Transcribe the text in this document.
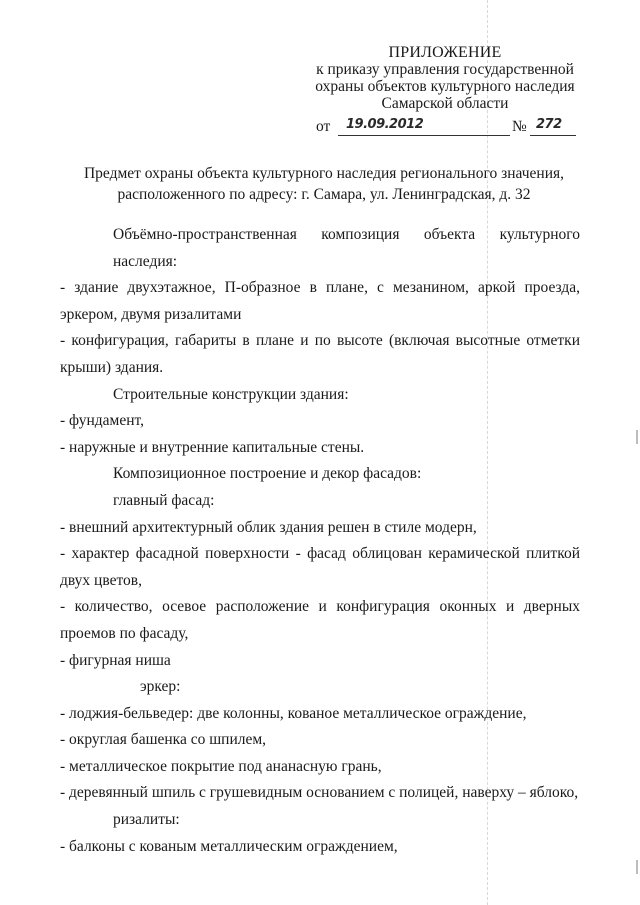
ПРИЛОЖЕНИЕ
к приказу управления государственной
охраны объектов культурного наследия
Самарской области
от 19.09.2012	№ 272
Предмет охраны объекта культурного наследия регионального значения,
расположенного по адресу: г. Самара, ул. Ленинградская, д. 32

Объёмно-пространственная композиция объекта культурного наследия:

- здание двухэтажное, П-образное в плане, с мезанином, аркой проезда, эркером, двумя ризалитами

- конфигурация, габариты в плане и по высоте (включая высотные отметки крыши) здания.

Строительные конструкции здания:

- фундамент,

- наружные и внутренние капитальные стены.

Композиционное построение и декор фасадов:

главный фасад:

- внешний архитектурный облик здания решен в стиле модерн,

- характер фасадной поверхности - фасад облицован керамической плиткой двух цветов,

- количество, осевое расположение и конфигурация оконных и дверных проемов по фасаду,

- фигурная ниша

эркер:

- лоджия-бельведер: две колонны, кованое металлическое ограждение,

- округлая башенка со шпилем,

- металлическое покрытие под ананасную грань,

- деревянный шпиль с грушевидным основанием с полицей, наверху – яблоко,

ризалиты:

- балконы с кованым металлическим ограждением,
